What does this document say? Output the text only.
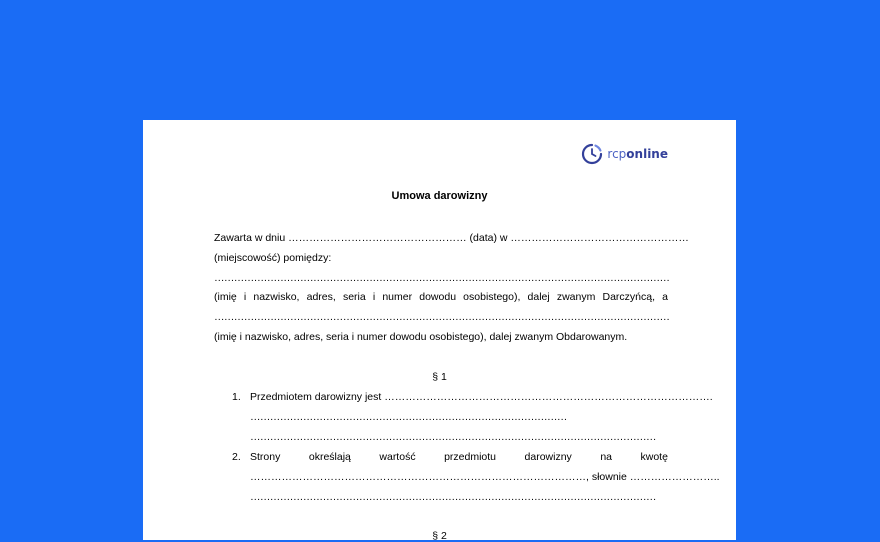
rcponline
Umowa darowizny
Zawarta w dniu …………………………………………… (data) w ……………………………………………
(miejscowość) pomiędzy:
…………………………………………………………………………………………………………………………
(imię i nazwisko, adres, seria i numer dowodu osobistego), dalej zwanym Darczyńcą, a
…………………………………………………………………………………………………………………………
(imię i nazwisko, adres, seria i numer dowodu osobistego), dalej zwanym Obdarowanym.
§ 1
1. Przedmiotem darowizny jest ………………………………………………………………………………….
……………………………………………………………………………………
……………………………………………………………………………………………………………
2. Strony	określają	wartość	przedmiotu	darowizny	na	kwotę
……………………………………………………………………………………, słownie ……………………..
……………………………………………………………………………………………………………
§ 2
